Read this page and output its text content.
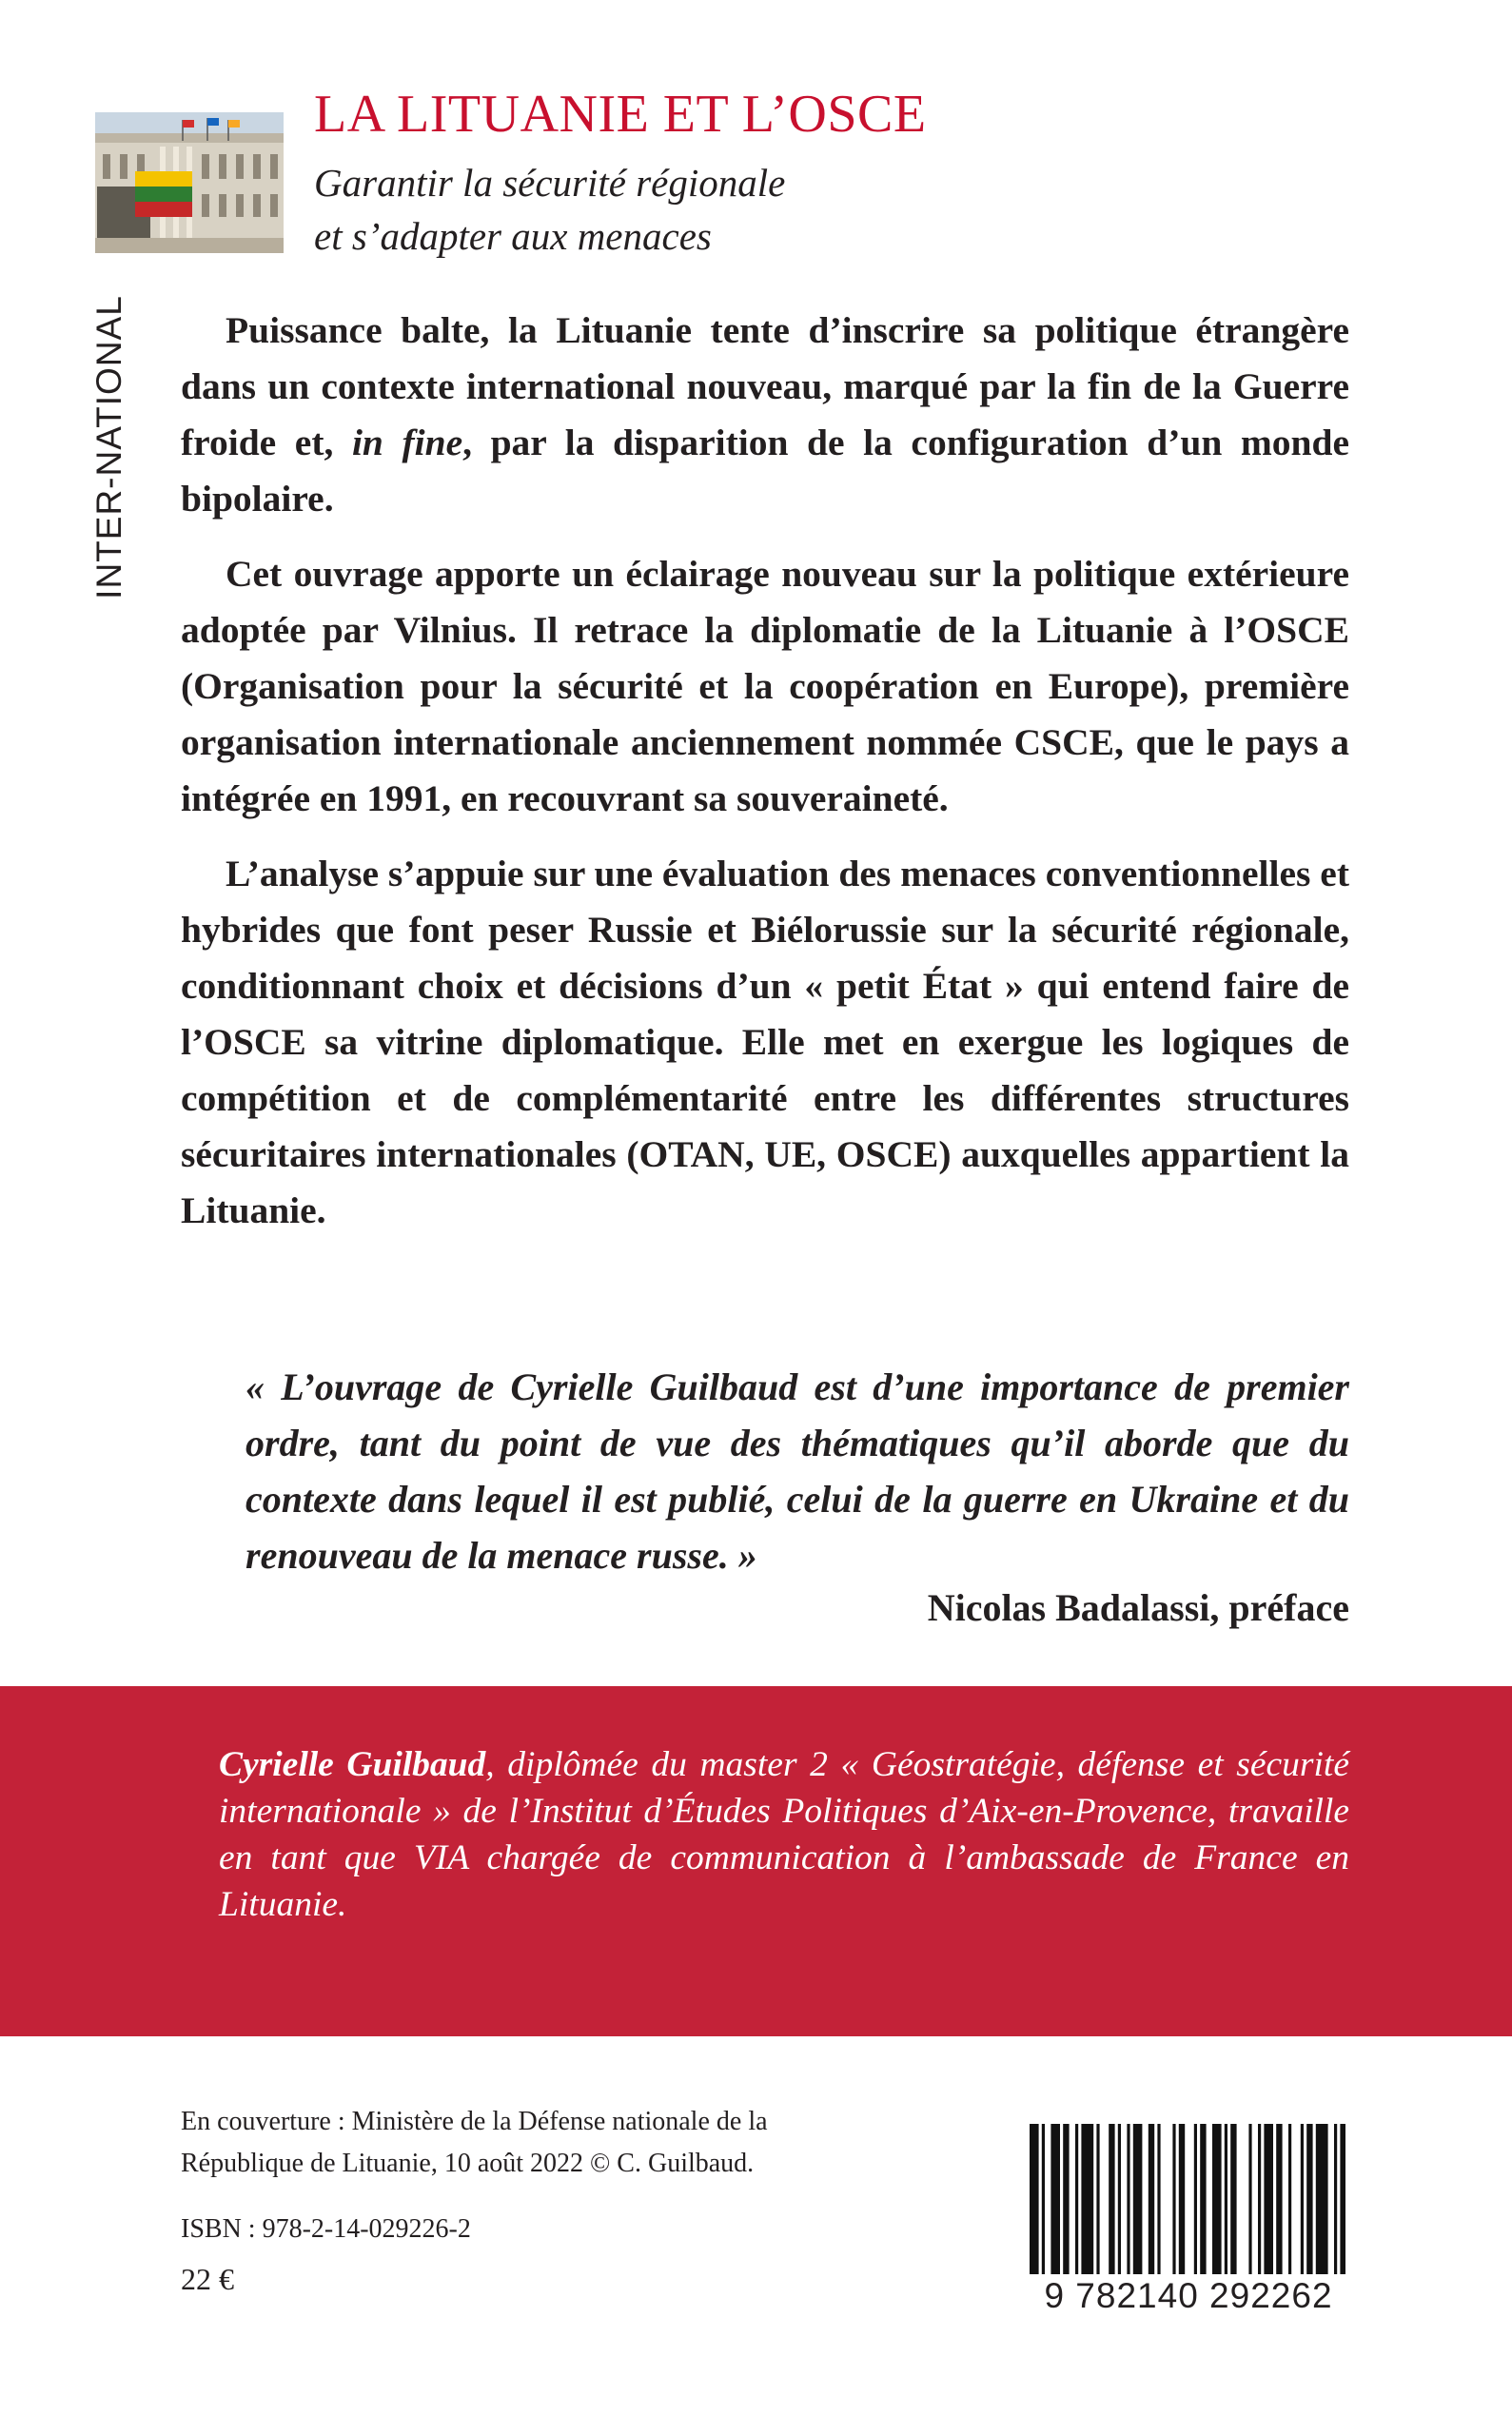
INTER-NATIONAL
LA LITUANIE ET L’OSCE
Garantir la sécurité régionale
et s’adapter aux menaces

Puissance balte, la Lituanie tente d’inscrire sa politique étrangère dans un contexte international nouveau, marqué par la fin de la Guerre froide et, in fine, par la disparition de la configuration d’un monde bipolaire.

Cet ouvrage apporte un éclairage nouveau sur la politique extérieure adoptée par Vilnius. Il retrace la diplomatie de la Lituanie à l’OSCE (Organisation pour la sécurité et la coopération en Europe), première organisation internationale anciennement nommée CSCE, que le pays a intégrée en 1991, en recouvrant sa souveraineté.

L’analyse s’appuie sur une évaluation des menaces conventionnelles et hybrides que font peser Russie et Biélorussie sur la sécurité régionale, conditionnant choix et décisions d’un « petit État » qui entend faire de l’OSCE sa vitrine diplomatique. Elle met en exergue les logiques de compétition et de complémentarité entre les différentes structures sécuritaires internationales (OTAN, UE, OSCE) auxquelles appartient la Lituanie.

« L’ouvrage de Cyrielle Guilbaud est d’une importance de premier ordre, tant du point de vue des thématiques qu’il aborde que du contexte dans lequel il est publié, celui de la guerre en Ukraine et du renouveau de la menace russe. »
Nicolas Badalassi, préface
Cyrielle Guilbaud, diplômée du master 2 « Géostratégie, défense et sécurité internationale » de l’Institut d’Études Politiques d’Aix-en-Provence, travaille en tant que VIA chargée de communication à l’ambassade de France en Lituanie.
En couverture : Ministère de la Défense nationale de la République de Lituanie, 10 août 2022 © C. Guilbaud.
ISBN : 978-2-14-029226-2
22 €	9 782140 292262
